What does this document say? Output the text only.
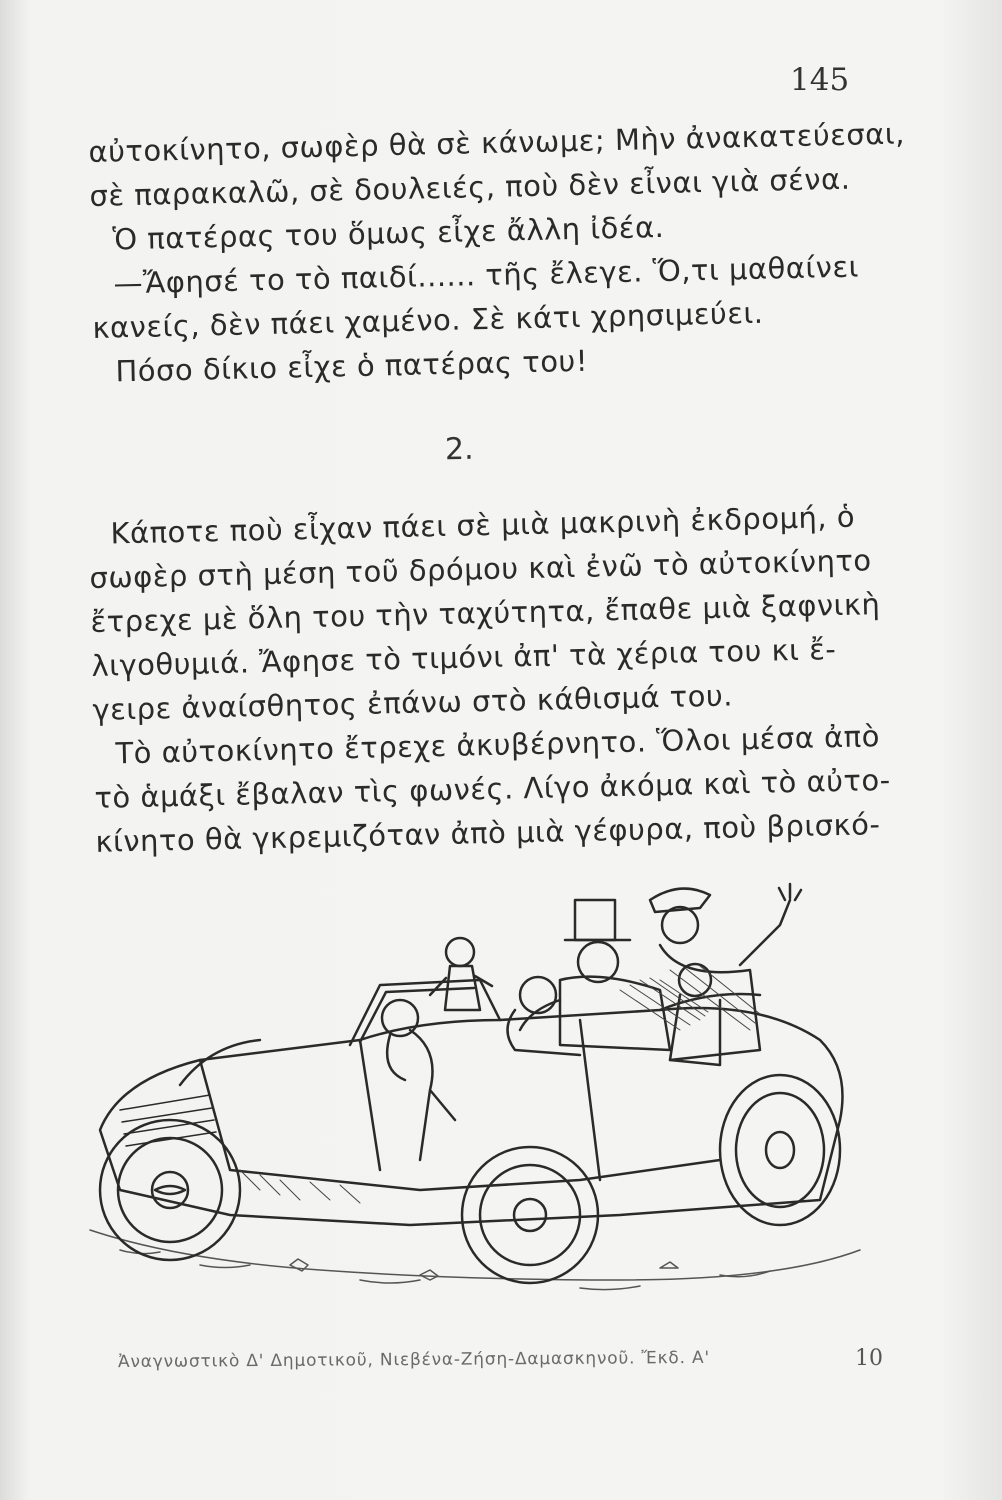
145
αὐτοκίνητο, σωφὲρ θὰ σὲ κάνωμε; Μὴν ἀνακατεύεσαι,
σὲ παρακαλῶ, σὲ δουλειές, ποὺ δὲν εἶναι γιὰ σένα.
Ὁ πατέρας του ὅμως εἶχε ἄλλη ἰδέα.
—Ἄφησέ το τὸ παιδί...... τῆς ἔλεγε. Ὅ,τι μαθαίνει
κανείς, δὲν πάει χαμένο. Σὲ κάτι χρησιμεύει.
Πόσο δίκιο εἶχε ὁ πατέρας του!
2.
Κάποτε ποὺ εἶχαν πάει σὲ μιὰ μακρινὴ ἐκδρομή, ὁ
σωφὲρ στὴ μέση τοῦ δρόμου καὶ ἐνῶ τὸ αὐτοκίνητο
ἔτρεχε μὲ ὅλη του τὴν ταχύτητα, ἔπαθε μιὰ ξαφνικὴ
λιγοθυμιά. Ἄφησε τὸ τιμόνι ἀπ' τὰ χέρια του κι ἔ-
γειρε ἀναίσθητος ἐπάνω στὸ κάθισμά του.
Τὸ αὐτοκίνητο ἔτρεχε ἀκυβέρνητο. Ὅλοι μέσα ἀπὸ
τὸ ἁμάξι ἔβαλαν τὶς φωνές. Λίγο ἀκόμα καὶ τὸ αὐτο-
κίνητο θὰ γκρεμιζόταν ἀπὸ μιὰ γέφυρα, ποὺ βρισκό-
Ἀναγνωστικὸ Δ' Δημοτικοῦ, Νιεβένα-Ζήση-Δαμασκηνοῦ. Ἔκδ. Α'	10
